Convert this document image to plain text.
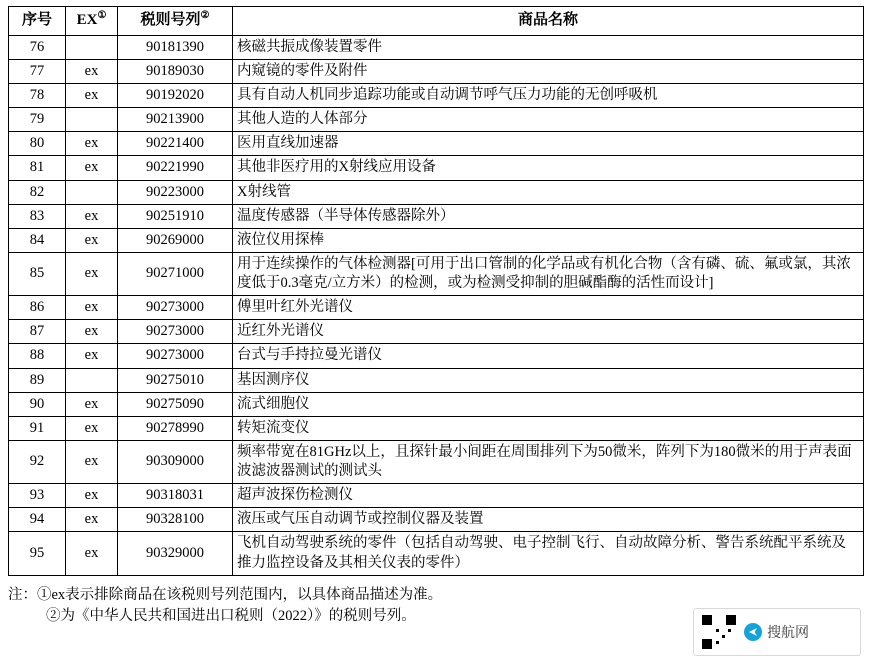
序号	EX①	税则号列②	商品名称
76		90181390	核磁共振成像装置零件
77	ex	90189030	内窥镜的零件及附件
78	ex	90192020	具有自动人机同步追踪功能或自动调节呼气压力功能的无创呼吸机
79		90213900	其他人造的人体部分
80	ex	90221400	医用直线加速器
81	ex	90221990	其他非医疗用的X射线应用设备
82		90223000	X射线管
83	ex	90251910	温度传感器（半导体传感器除外）
84	ex	90269000	液位仪用探棒
85	ex	90271000	用于连续操作的气体检测器[可用于出口管制的化学品或有机化合物（含有磷、硫、氟或氯，其浓度低于0.3毫克/立方米）的检测，或为检测受抑制的胆碱酯酶的活性而设计]
86	ex	90273000	傅里叶红外光谱仪
87	ex	90273000	近红外光谱仪
88	ex	90273000	台式与手持拉曼光谱仪
89		90275010	基因测序仪
90	ex	90275090	流式细胞仪
91	ex	90278990	转矩流变仪
92	ex	90309000	频率带宽在81GHz以上，且探针最小间距在周围排列下为50微米，阵列下为180微米的用于声表面波滤波器测试的测试头
93	ex	90318031	超声波探伤检测仪
94	ex	90328100	液压或气压自动调节或控制仪器及装置
95	ex	90329000	飞机自动驾驶系统的零件（包括自动驾驶、电子控制飞行、自动故障分析、警告系统配平系统及推力监控设备及其相关仪表的零件）
注：①ex表示排除商品在该税则号列范围内，以具体商品描述为准。
②为《中华人民共和国进出口税则（2022）》的税则号列。
搜航网
